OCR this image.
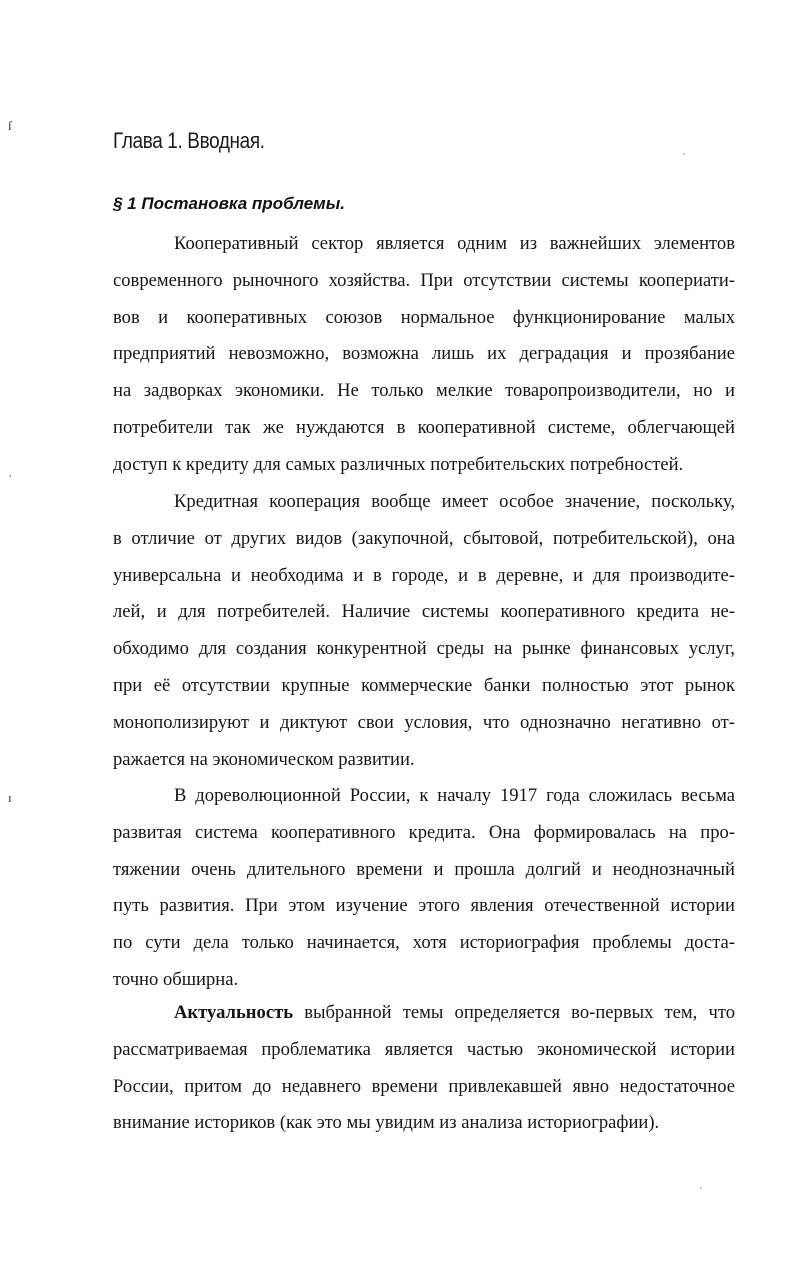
ſ
ʾ
ı
Глава 1. Вводная.
§ 1 Постановка проблемы.

Кооперативный сектор является одним из важнейших элементов
современного рыночного хозяйства. При отсутствии системы коопериати-
вов и кооперативных союзов нормальное функционирование малых
предприятий невозможно, возможна лишь их деградация и прозябание
на задворках экономики. Не только мелкие товаропроизводители, но и
потребители так же нуждаются в кооперативной системе, облегчающей
доступ к кредиту для самых различных потребительских потребностей.

Кредитная кооперация вообще имеет особое значение, поскольку,
в отличие от других видов (закупочной, сбытовой, потребительской), она
универсальна и необходима и в городе, и в деревне, и для производите-
лей, и для потребителей. Наличие системы кооперативного кредита не-
обходимо для создания конкурентной среды на рынке финансовых услуг,
при её отсутствии крупные коммерческие банки полностью этот рынок
монополизируют и диктуют свои условия, что однозначно негативно от-
ражается на экономическом развитии.

В дореволюционной России, к началу 1917 года сложилась весьма
развитая система кооперативного кредита. Она формировалась на про-
тяжении очень длительного времени и прошла долгий и неоднозначный
путь развития. При этом изучение этого явления отечественной истории
по сути дела только начинается, хотя историография проблемы доста-
точно обширна.

Актуальность выбранной темы определяется во-первых тем, что
рассматриваемая проблематика является частью экономической истории
России, притом до недавнего времени привлекавшей явно недостаточное
внимание историков (как это мы увидим из анализа историографии).
